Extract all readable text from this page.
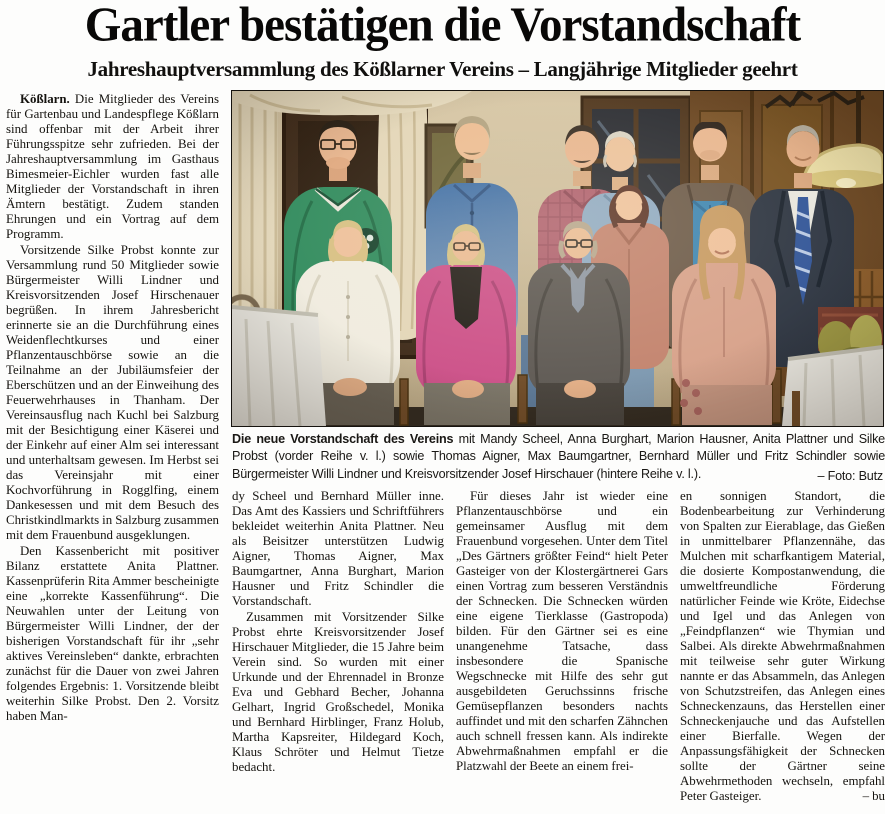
Gartler bestätigen die Vorstandschaft
Jahreshauptversammlung des Kößlarner Vereins – Langjährige Mitglieder geehrt

Kößlarn. Die Mitglieder des Vereins für Gartenbau und Landespflege Kößlarn sind offenbar mit der Arbeit ihrer Führungsspitze sehr zufrieden. Bei der Jahreshauptversammlung im Gasthaus Bimesmeier-Eichler wurden fast alle Mitglieder der Vorstandschaft in ihren Ämtern bestätigt. Zudem standen Ehrungen und ein Vortrag auf dem Programm.

Vorsitzende Silke Probst konnte zur Versammlung rund 50 Mitglieder sowie Bürgermeister Willi Lindner und Kreisvorsitzenden Josef Hirschenauer begrüßen. In ihrem Jahresbericht erinnerte sie an die Durchführung eines Weidenflechtkurses und einer Pflanzentauschbörse sowie an die Teilnahme an der Jubiläumsfeier der Eberschützen und an der Einweihung des Feuerwehrhauses in Thanham. Der Vereinsausflug nach Kuchl bei Salzburg mit der Besichtigung einer Käserei und der Einkehr auf einer Alm sei interessant und unterhaltsam gewesen. Im Herbst sei das Vereinsjahr mit einer Kochvorführung in Rogglfing, einem Dankesessen und mit dem Besuch des Christkindlmarkts in Salzburg zusammen mit dem Frauenbund ausgeklungen.

Den Kassenbericht mit positiver Bilanz erstattete Anita Plattner. Kassenprüferin Rita Ammer bescheinigte eine „korrekte Kassenführung“. Die Neuwahlen unter der Leitung von Bürgermeister Willi Lindner, der der bisherigen Vorstandschaft für ihr „sehr aktives Vereinsleben“ dankte, erbrachten zunächst für die Dauer von zwei Jahren folgendes Ergebnis: 1. Vorsitzende bleibt weiterhin Silke Probst. Den 2. Vorsitz haben Man-

Die neue Vorstandschaft des Vereins mit Mandy Scheel, Anna Burghart, Marion Hausner, Anita Plattner und Silke Probst (vorder Reihe v. l.) sowie Thomas Aigner, Max Baumgartner, Bernhard Müller und Fritz Schindler sowie Bürgermeister Willi Lindner und Kreisvorsitzender Josef Hirschauer (hintere Reihe v. l.).	– Foto: Butz

dy Scheel und Bernhard Müller inne. Das Amt des Kassiers und Schriftführers bekleidet weiterhin Anita Plattner. Neu als Beisitzer unterstützen Ludwig Aigner, Thomas Aigner, Max Baumgartner, Anna Burghart, Marion Hausner und Fritz Schindler die Vorstandschaft.

Zusammen mit Vorsitzender Silke Probst ehrte Kreisvorsitzender Josef Hirschauer Mitglieder, die 15 Jahre beim Verein sind. So wurden mit einer Urkunde und der Ehrennadel in Bronze Eva und Gebhard Becher, Johanna Gelhart, Ingrid Großschedel, Monika und Bernhard Hirblinger, Franz Holub, Martha Kapsreiter, Hildegard Koch, Klaus Schröter und Helmut Tietze bedacht.

Für dieses Jahr ist wieder eine Pflanzentauschbörse und ein gemeinsamer Ausflug mit dem Frauenbund vorgesehen. Unter dem Titel „Des Gärtners größter Feind“ hielt Peter Gasteiger von der Klostergärtnerei Gars einen Vortrag zum besseren Verständnis der Schnecken. Die Schnecken würden eine eigene Tierklasse (Gastropoda) bilden. Für den Gärtner sei es eine unangenehme Tatsache, dass insbesondere die Spanische Wegschnecke mit Hilfe des sehr gut ausgebildeten Geruchssinns frische Gemüsepflanzen besonders nachts auffindet und mit den scharfen Zähnchen auch schnell fressen kann. Als indirekte Abwehrmaßnahmen empfahl er die Platzwahl der Beete an einem frei-

en sonnigen Standort, die Bodenbearbeitung zur Verhinderung von Spalten zur Eierablage, das Gießen in unmittelbarer Pflanzennähe, das Mulchen mit scharfkantigem Material, die dosierte Kompostanwendung, die umweltfreundliche Förderung natürlicher Feinde wie Kröte, Eidechse und Igel und das Anlegen von „Feindpflanzen“ wie Thymian und Salbei. Als direkte Abwehrmaßnahmen mit teilweise sehr guter Wirkung nannte er das Absammeln, das Anlegen von Schutzstreifen, das Anlegen eines Schneckenzauns, das Herstellen einer Schneckenjauche und das Aufstellen einer Bierfalle. Wegen der Anpassungsfähigkeit der Schnecken sollte der Gärtner seine Abwehrmethoden wechseln, empfahl Peter Gasteiger.	– bu
